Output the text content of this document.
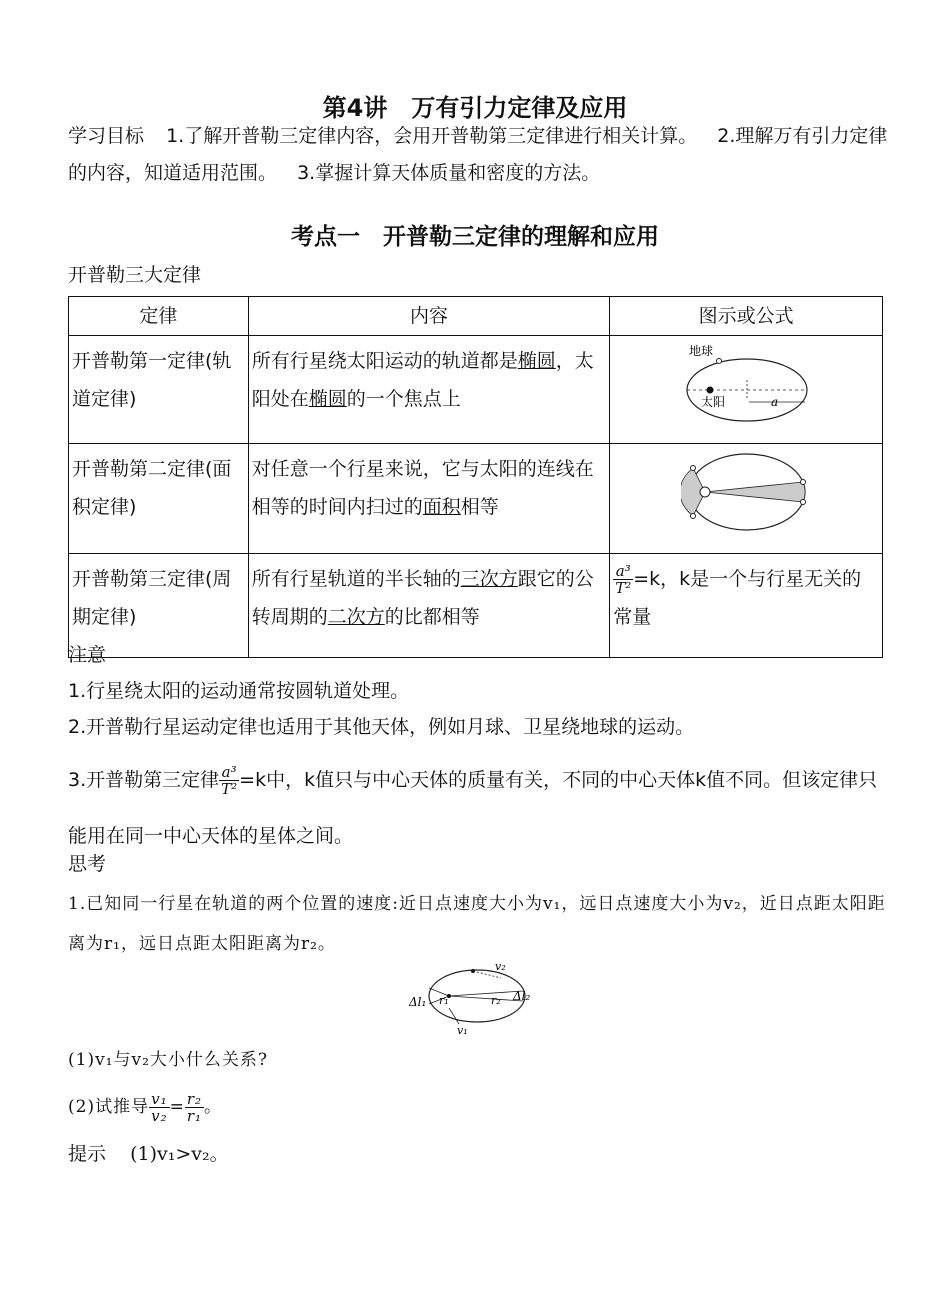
第4讲　万有引力定律及应用
学习目标 1.了解开普勒三定律内容，会用开普勒第三定律进行相关计算。 2.理解万有引力定律的内容，知道适用范围。 3.掌握计算天体质量和密度的方法。
考点一　开普勒三定律的理解和应用
开普勒三大定律
定律	内容	图示或公式
开普勒第一定律(轨道定律)	所有行星绕太阳运动的轨道都是椭圆，太阳处在椭圆的一个焦点上	地球
太阳 a

开普勒第二定律(面积定律)	对任意一个行星来说，它与太阳的连线在相等的时间内扫过的面积相等	
开普勒第三定律(周期定律)	所有行星轨道的半长轴的三次方跟它的公转周期的二次方的比都相等	$\frac{\text{a³}}{\text{T²}} =k$，k是一个与行星无关的常量
注意
1.行星绕太阳的运动通常按圆轨道处理。
2.开普勒行星运动定律也适用于其他天体，例如月球、卫星绕地球的运动。
3.开普勒第三定律 $\frac{\text{a³}}{\text{T²}} =k$中，k值只与中心天体的质量有关，不同的中心天体k值不同。但该定律只能用在同一中心天体的星体之间。
思考
1.已知同一行星在轨道的两个位置的速度:近日点速度大小为v₁，远日点速度大小为v₂，近日点距太阳距离为r₁，远日点距太阳距离为r₂。
v₂
v₁
r₁	r₂
Δl₁	Δl₂
(1)v₁与v₂大小什么关系?
(2)试推导 $\frac{\text{v₁}}{\text{v₂}} = \frac{\text{r₂}}{\text{r₁}}$ 。
提示 (1)v₁>v₂。
